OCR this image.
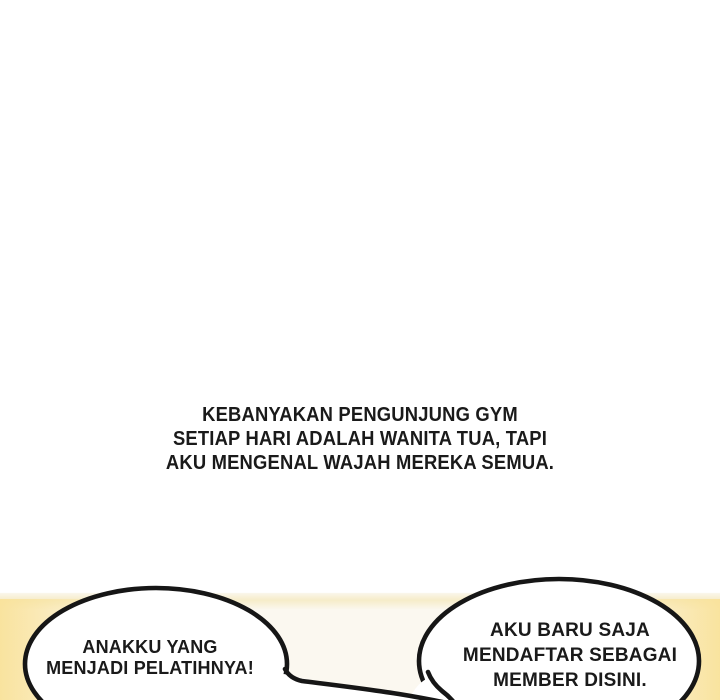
KEBANYAKAN PENGUNJUNG GYM
SETIAP HARI ADALAH WANITA TUA, TAPI
AKU MENGENAL WAJAH MEREKA SEMUA.
ANAKKU YANG
MENJADI PELATIHNYA!
AKU BARU SAJA
MENDAFTAR SEBAGAI
MEMBER DISINI.
